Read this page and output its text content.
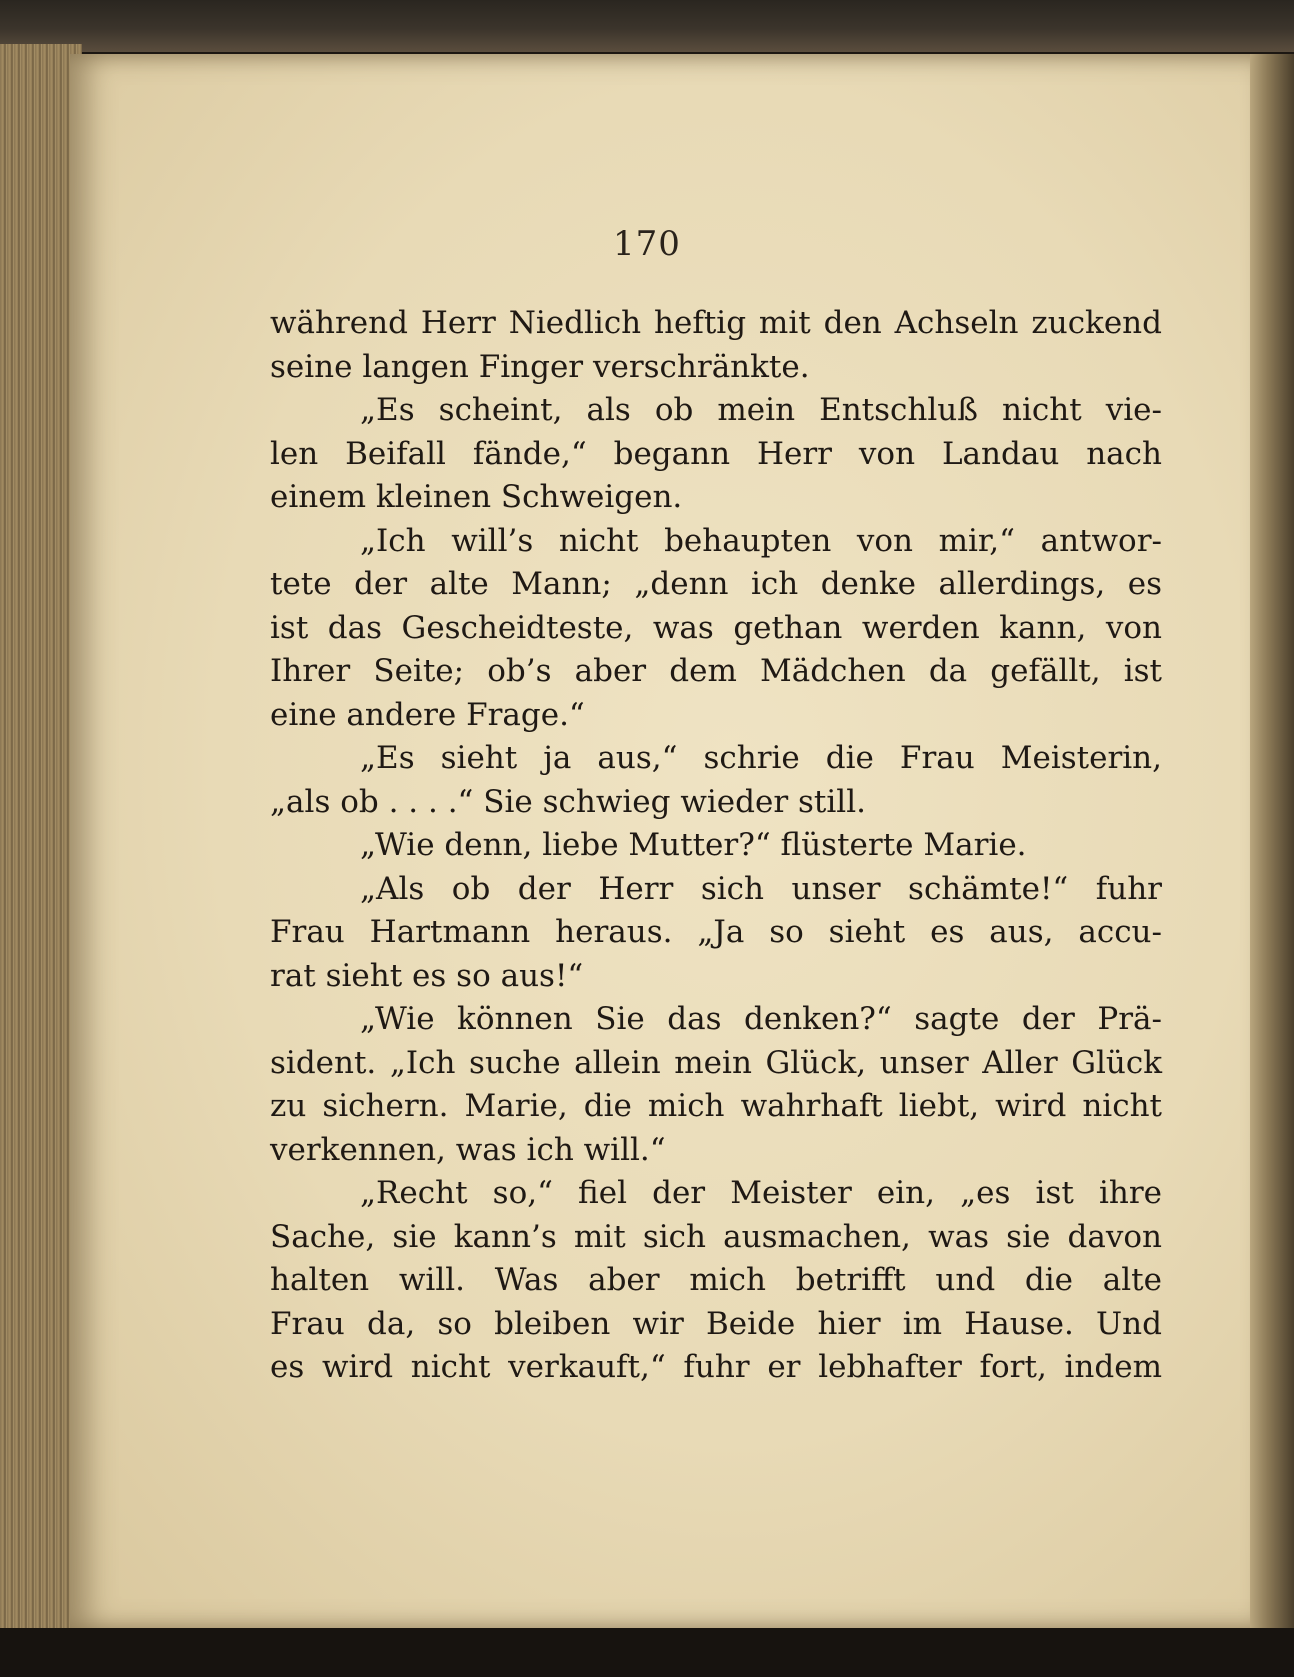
170
während Herr Niedlich heftig mit den Achseln zuckend
seine langen Finger verschränkte.
„Es scheint, als ob mein Entschluß nicht vie-
len Beifall fände,“ begann Herr von Landau nach
einem kleinen Schweigen.
„Ich will’s nicht behaupten von mir,“ antwor-
tete der alte Mann; „denn ich denke allerdings, es
ist das Gescheidteste, was gethan werden kann, von
Ihrer Seite; ob’s aber dem Mädchen da gefällt, ist
eine andere Frage.“
„Es sieht ja aus,“ schrie die Frau Meisterin,
„als ob . . . .“ Sie schwieg wieder still.
„Wie denn, liebe Mutter?“ flüsterte Marie.
„Als ob der Herr sich unser schämte!“ fuhr
Frau Hartmann heraus. „Ja so sieht es aus, accu-
rat sieht es so aus!“
„Wie können Sie das denken?“ sagte der Prä-
sident. „Ich suche allein mein Glück, unser Aller Glück
zu sichern. Marie, die mich wahrhaft liebt, wird nicht
verkennen, was ich will.“
„Recht so,“ fiel der Meister ein, „es ist ihre
Sache, sie kann’s mit sich ausmachen, was sie davon
halten will. Was aber mich betrifft und die alte
Frau da, so bleiben wir Beide hier im Hause. Und
es wird nicht verkauft,“ fuhr er lebhafter fort, indem
